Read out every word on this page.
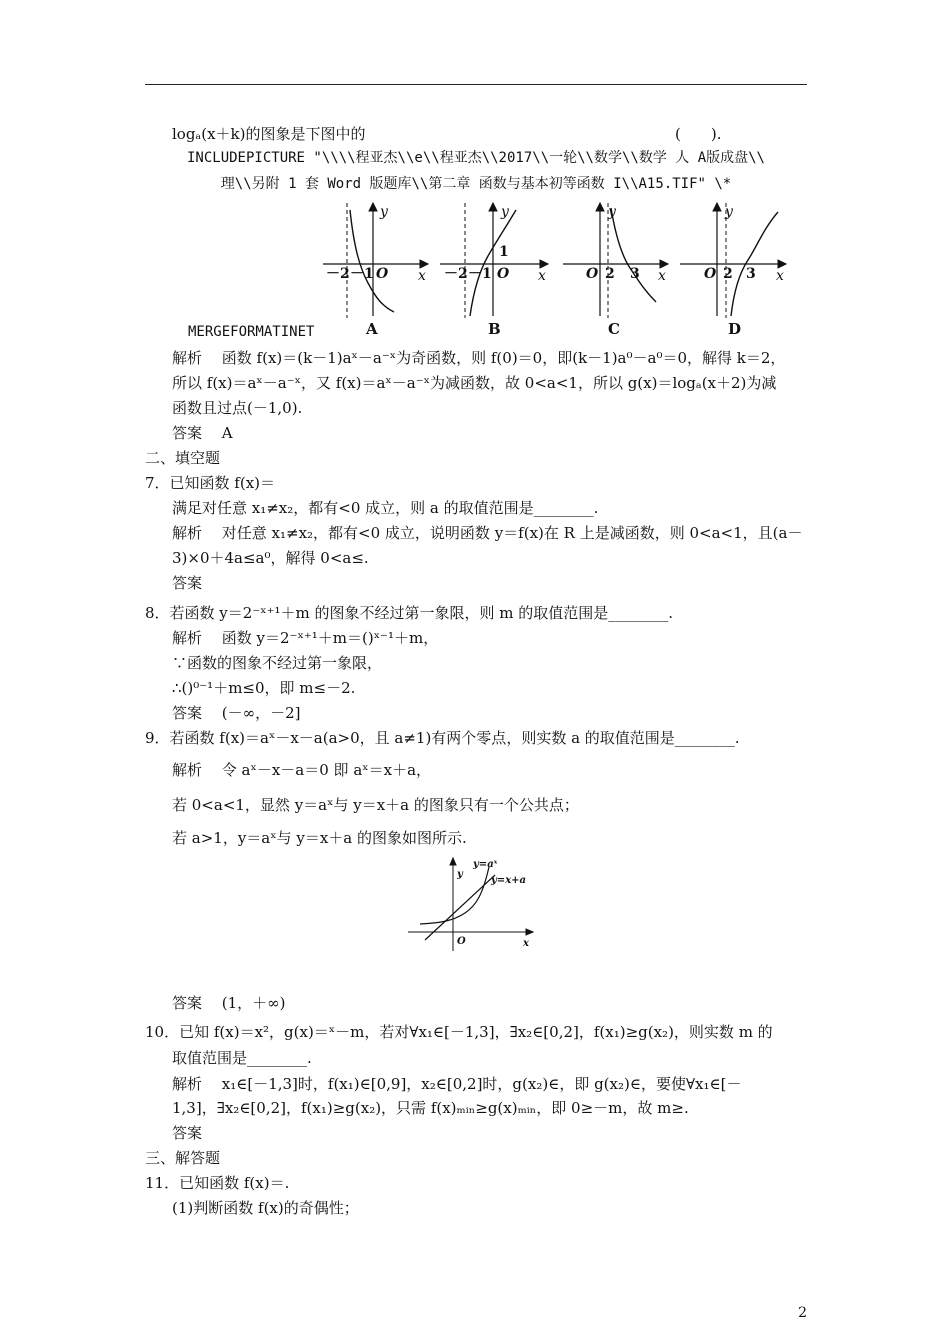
logₐ(x＋k)的图象是下图中的	(　　).
INCLUDEPICTURE "\\\\程亚杰\\e\\程亚杰\\2017\\一轮\\数学\\数学 人 A版成盘\\
理\\另附 1 套 Word 版题库\\第二章 函数与基本初等函数 I\\A15.TIF" \*
y
x
－2 －1 O
A
y
x
－2 －1 O
1
B
y
x
O 2 3
C
y
x
O 2 3
D
MERGEFORMATINET
解析　 函数 f(x)＝(k－1)aˣ－a⁻ˣ为奇函数，则 f(0)＝0，即(k－1)a⁰－a⁰＝0，解得 k＝2，
所以 f(x)＝aˣ－a⁻ˣ，又 f(x)＝aˣ－a⁻ˣ为减函数，故 0<a<1，所以 g(x)＝logₐ(x＋2)为减
函数且过点(－1,0).
答案　 A
二、填空题
7．已知函数 f(x)＝
满足对任意 x₁≠x₂，都有<0 成立，则 a 的取值范围是________.
解析　 对任意 x₁≠x₂，都有<0 成立，说明函数 y＝f(x)在 R 上是减函数，则 0<a<1，且(a－
3)×0＋4a≤a⁰，解得 0<a≤.
答案
8．若函数 y＝2⁻ˣ⁺¹＋m 的图象不经过第一象限，则 m 的取值范围是________.
解析　 函数 y＝2⁻ˣ⁺¹＋m＝()ˣ⁻¹＋m，
∵函数的图象不经过第一象限，
∴()⁰⁻¹＋m≤0，即 m≤－2.
答案　 (－∞，－2]
9．若函数 f(x)＝aˣ－x－a(a>0，且 a≠1)有两个零点，则实数 a 的取值范围是________.
解析　 令 aˣ－x－a＝0 即 aˣ＝x＋a，
若 0<a<1，显然 y＝aˣ与 y＝x＋a 的图象只有一个公共点；
若 a>1，y＝aˣ与 y＝x＋a 的图象如图所示.
y
x
O
y=aˣ
y=x+a
答案　 (1，＋∞)
10．已知 f(x)＝x²，g(x)＝ˣ－m，若对∀x₁∈[－1,3]，∃x₂∈[0,2]，f(x₁)≥g(x₂)，则实数 m 的
取值范围是________.
解析　 x₁∈[－1,3]时，f(x₁)∈[0,9]，x₂∈[0,2]时，g(x₂)∈，即 g(x₂)∈，要使∀x₁∈[－
1,3]，∃x₂∈[0,2]，f(x₁)≥g(x₂)，只需 f(x)ₘᵢₙ≥g(x)ₘᵢₙ，即 0≥－m，故 m≥.
答案
三、解答题
11．已知函数 f(x)＝.
(1)判断函数 f(x)的奇偶性；
2
